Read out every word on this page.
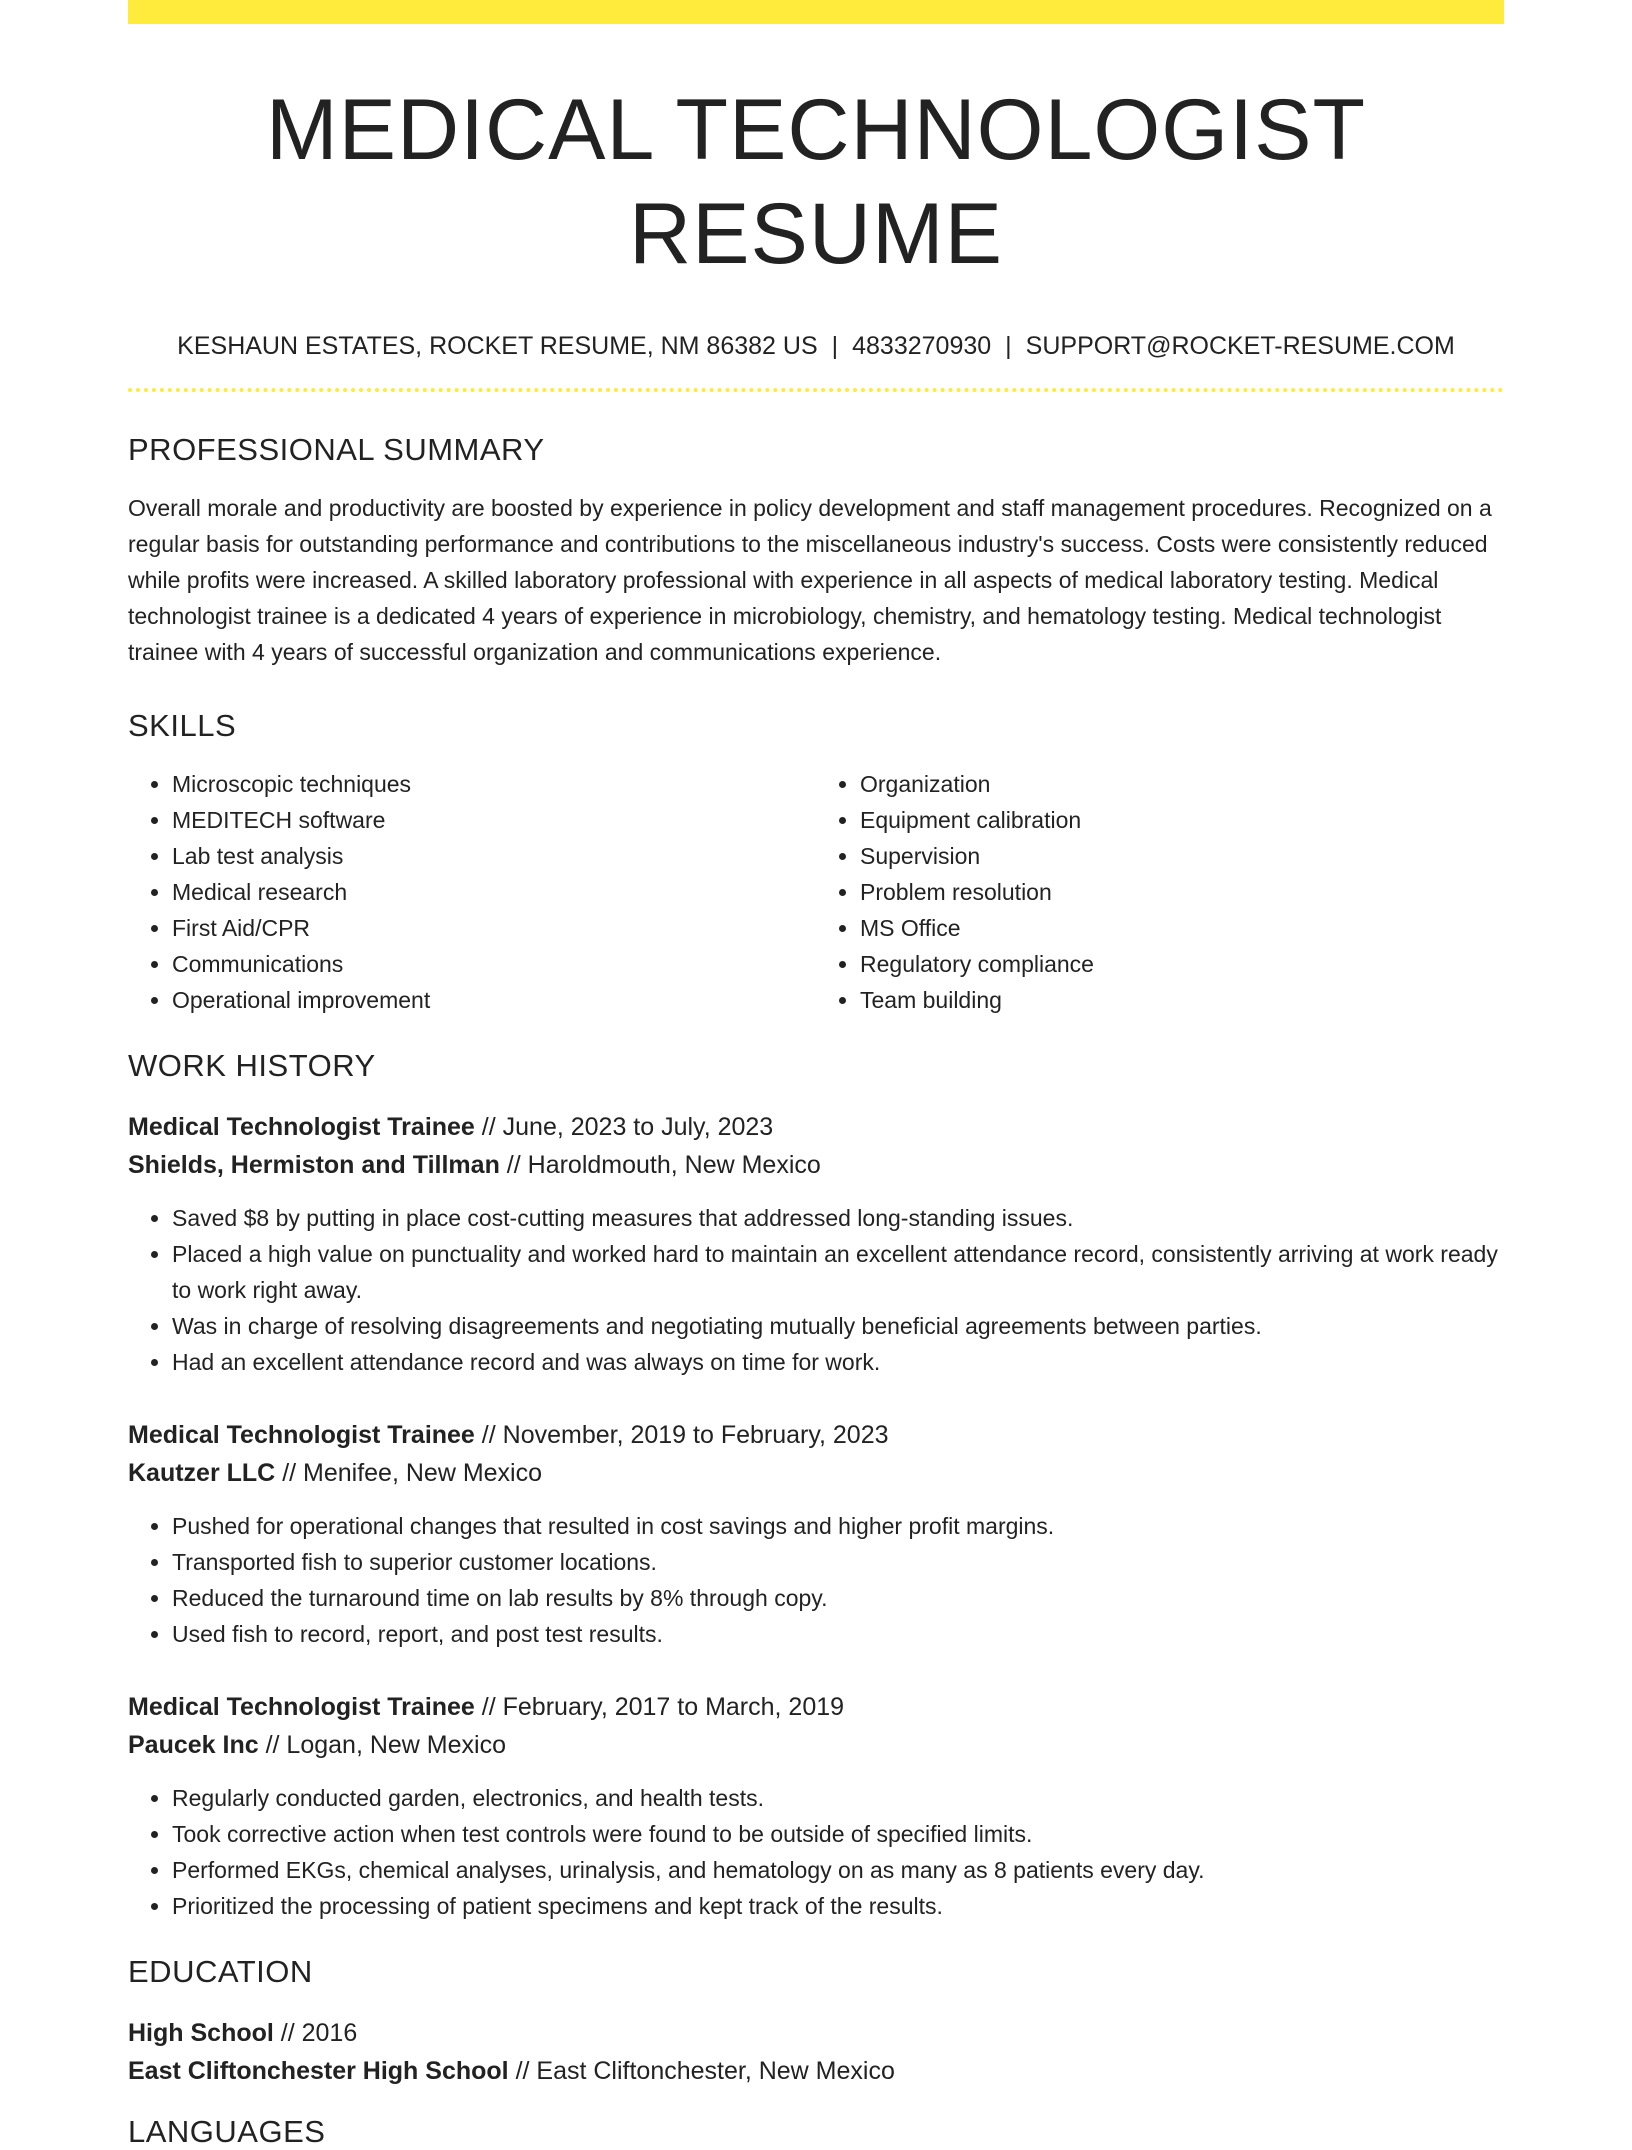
MEDICAL TECHNOLOGIST RESUME
KESHAUN ESTATES, ROCKET RESUME, NM 86382 US | 4833270930 | SUPPORT@ROCKET-RESUME.COM
PROFESSIONAL SUMMARY

Overall morale and productivity are boosted by experience in policy development and staff management procedures. Recognized on a regular basis for outstanding performance and contributions to the miscellaneous industry's success. Costs were consistently reduced while profits were increased. A skilled laboratory professional with experience in all aspects of medical laboratory testing. Medical technologist trainee is a dedicated 4 years of experience in microbiology, chemistry, and hematology testing. Medical technologist trainee with 4 years of successful organization and communications experience.

SKILLS
• Microscopic techniques
• MEDITECH software
• Lab test analysis
• Medical research
• First Aid/CPR
• Communications
• Operational improvement
• Organization
• Equipment calibration
• Supervision
• Problem resolution
• MS Office
• Regulatory compliance
• Team building
WORK HISTORY
Medical Technologist Trainee // June, 2023 to July, 2023
Shields, Hermiston and Tillman // Haroldmouth, New Mexico
• Saved $8 by putting in place cost-cutting measures that addressed long-standing issues.
• Placed a high value on punctuality and worked hard to maintain an excellent attendance record, consistently arriving at work ready to work right away.
• Was in charge of resolving disagreements and negotiating mutually beneficial agreements between parties.
• Had an excellent attendance record and was always on time for work.
Medical Technologist Trainee // November, 2019 to February, 2023
Kautzer LLC // Menifee, New Mexico
• Pushed for operational changes that resulted in cost savings and higher profit margins.
• Transported fish to superior customer locations.
• Reduced the turnaround time on lab results by 8% through copy.
• Used fish to record, report, and post test results.
Medical Technologist Trainee // February, 2017 to March, 2019
Paucek Inc // Logan, New Mexico
• Regularly conducted garden, electronics, and health tests.
• Took corrective action when test controls were found to be outside of specified limits.
• Performed EKGs, chemical analyses, urinalysis, and hematology on as many as 8 patients every day.
• Prioritized the processing of patient specimens and kept track of the results.
EDUCATION
High School // 2016
East Cliftonchester High School // East Cliftonchester, New Mexico
LANGUAGES
